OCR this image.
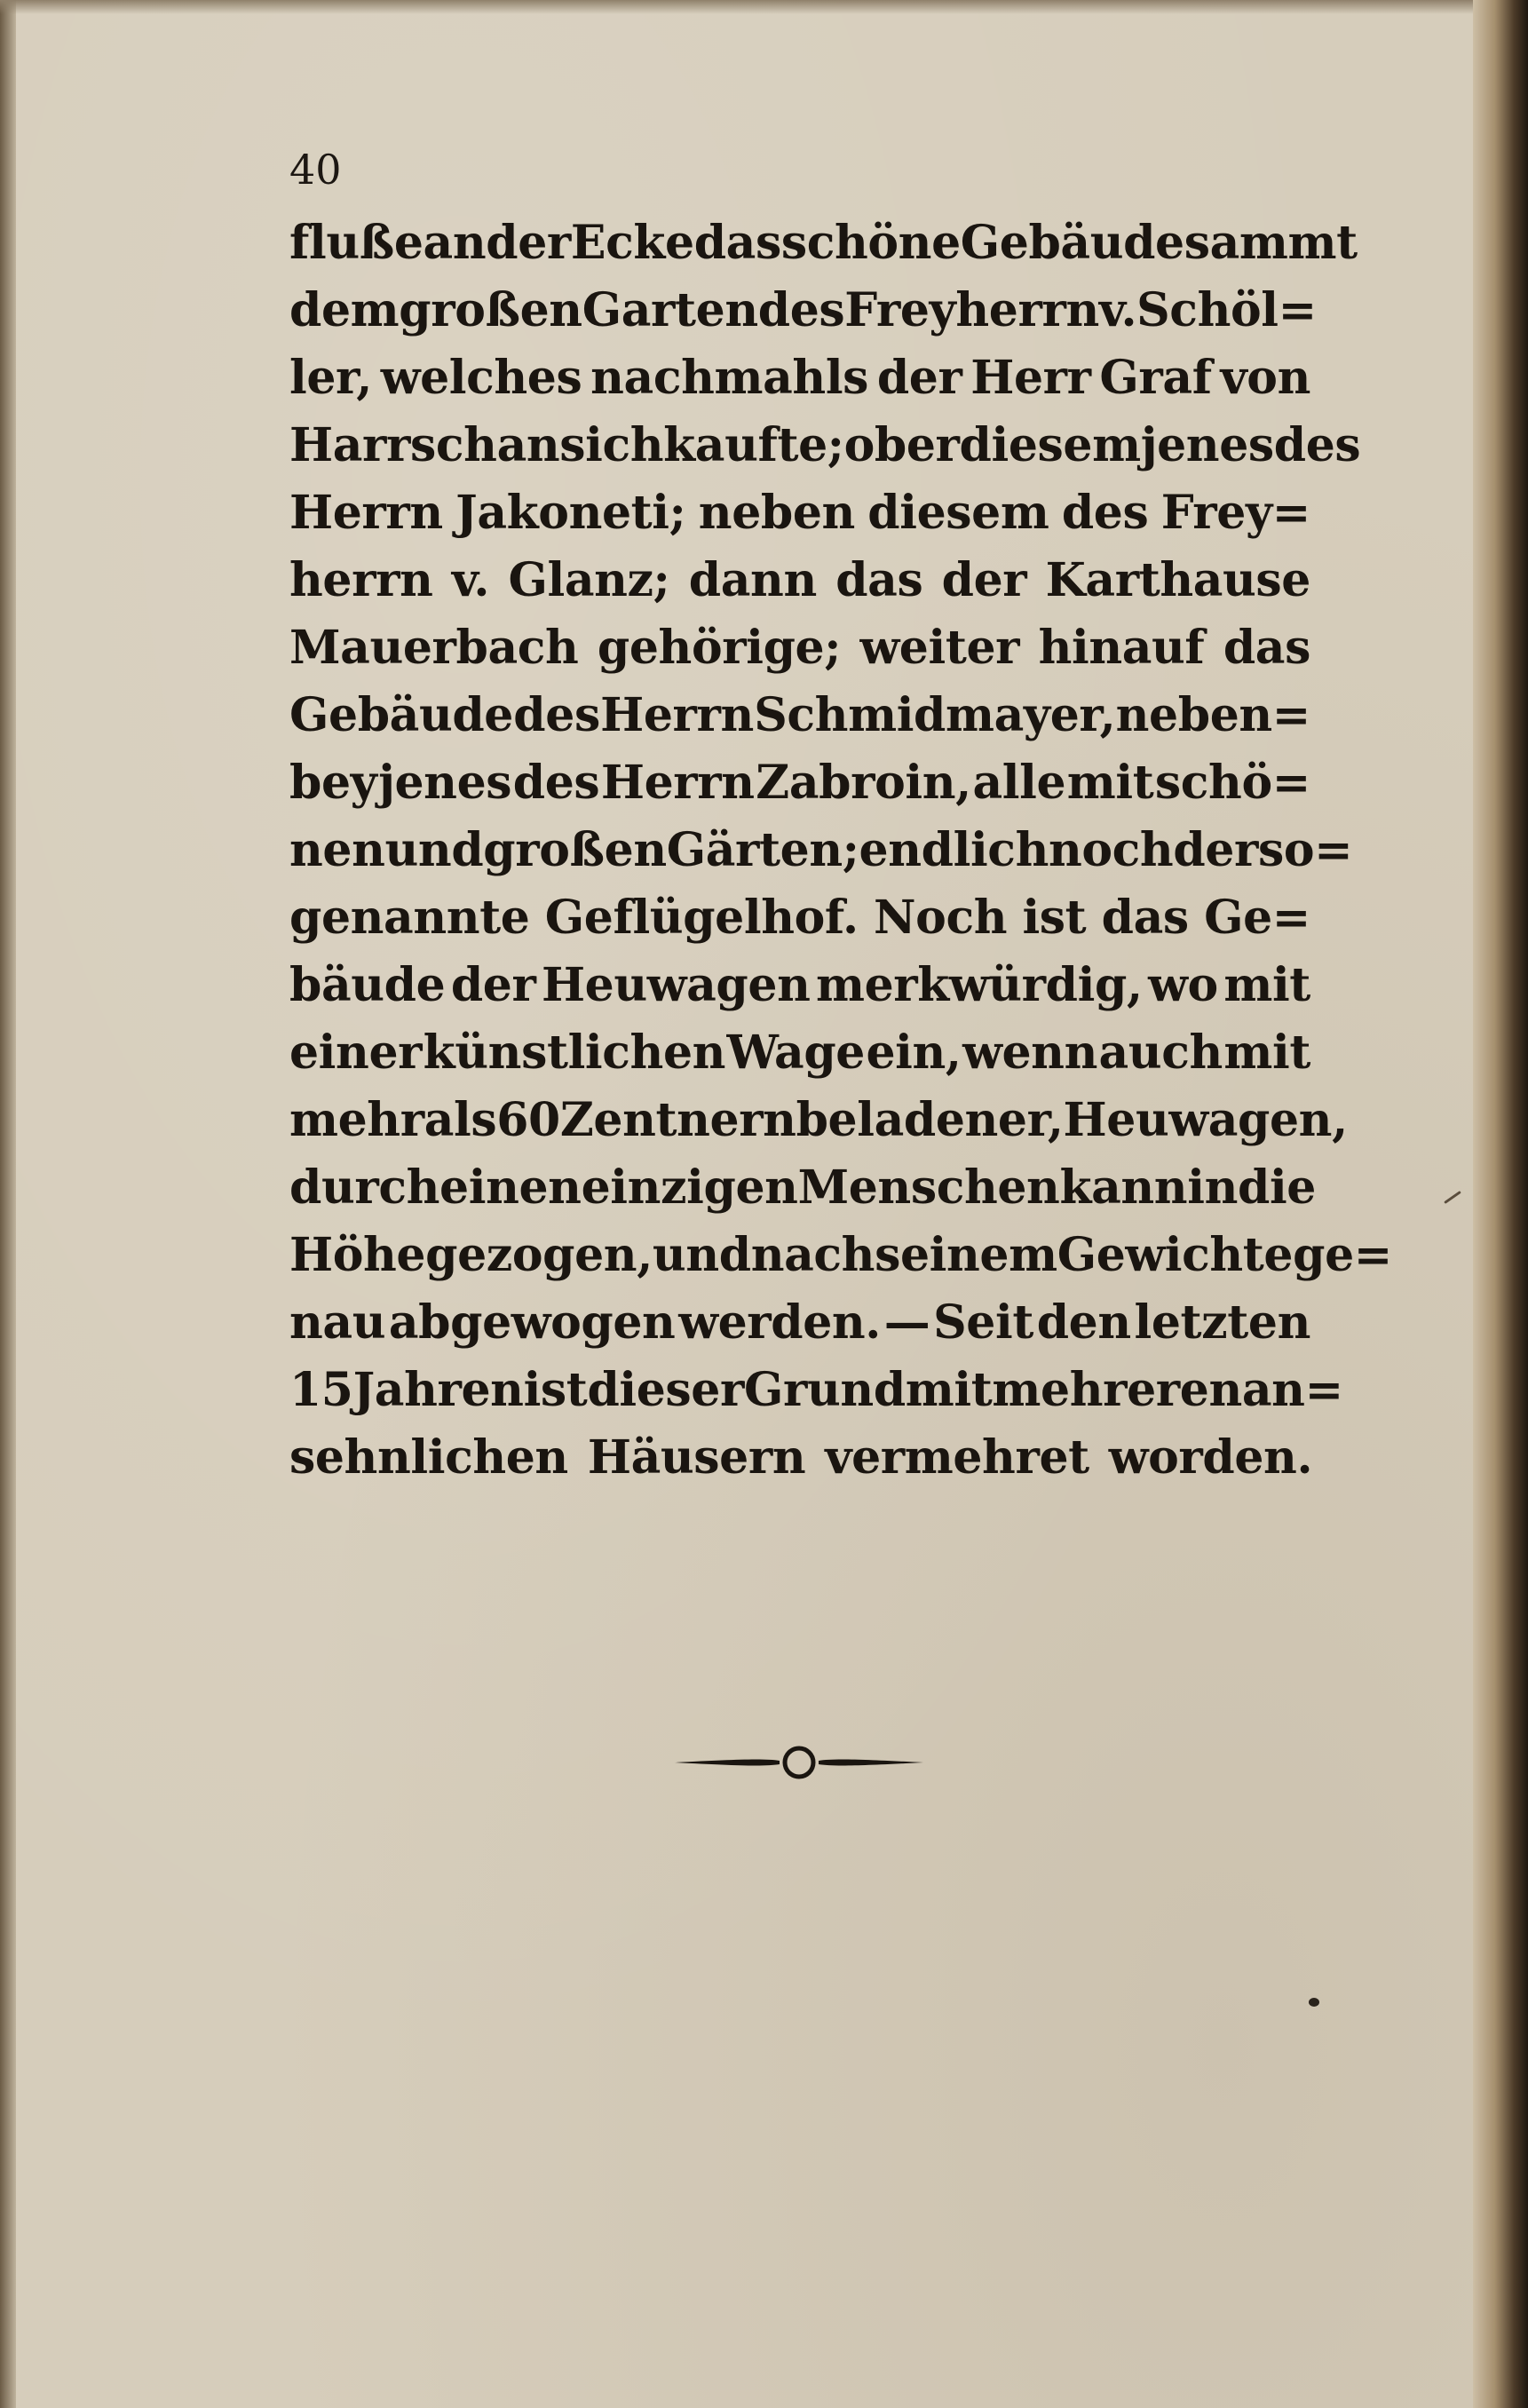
40
fluße an der Ecke das schöne Gebäude sammt
dem großen Garten des Freyherrn v. Schöl=
ler, welches nachmahls der Herr Graf von
Harrsch an sich kaufte; ober diesem jenes des
Herrn Jakoneti; neben diesem des Frey=
herrn v. Glanz; dann das der Karthause
Mauerbach gehörige; weiter hinauf das
Gebäude des Herrn Schmidmayer, neben=
bey jenes des Herrn Zabroin, alle mit schö=
nen und großen Gärten; endlich noch der so=
genannte Geflügelhof. Noch ist das Ge=
bäude der Heuwagen merkwürdig, wo mit
einer künstlichen Wage ein, wenn auch mit
mehr als 60 Zentnern beladener, Heuwagen,
durch einen einzigen Menschen kann in die
Höhe gezogen, und nach seinem Gewichte ge=
nau abgewogen werden. — Seit den letzten
15 Jahren ist dieser Grund mit mehreren an=
sehnlichen Häusern vermehret worden.
